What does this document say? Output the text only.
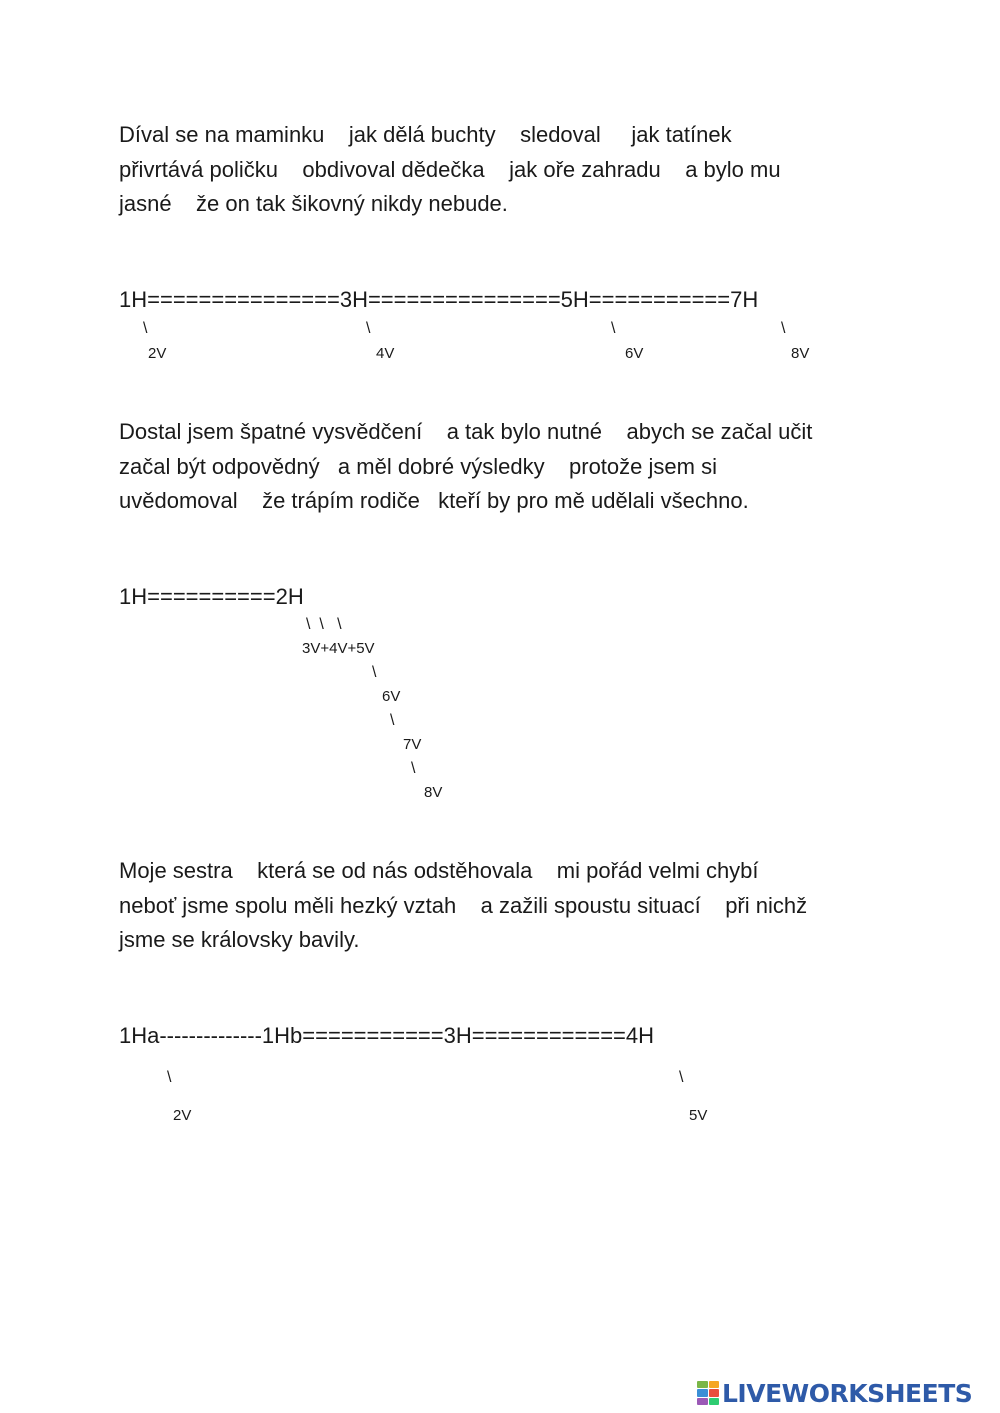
Díval se na maminku    jak dělá buchty    sledoval     jak tatínek
přivrtává poličku    obdivoval dědečka    jak oře zahradu    a bylo mu
jasné    že on tak šikovný nikdy nebude.
1H===============3H===============5H===========7H
\	\	\	\
2V	4V	6V	8V
Dostal jsem špatné vysvědčení    a tak bylo nutné    abych se začal učit
začal být odpovědný   a měl dobré výsledky    protože jsem si
uvědomoval    že trápím rodiče   kteří by pro mě udělali všechno.
1H==========2H
\  \   \
3V+4V+5V
\
6V
\
7V
\
8V
Moje sestra    která se od nás odstěhovala    mi pořád velmi chybí
neboť jsme spolu měli hezký vztah    a zažili spoustu situací    při nichž
jsme se královsky bavily.
1Ha--------------1Hb===========3H============4H
\	\
2V	5V
LIVEWORKSHEETS
